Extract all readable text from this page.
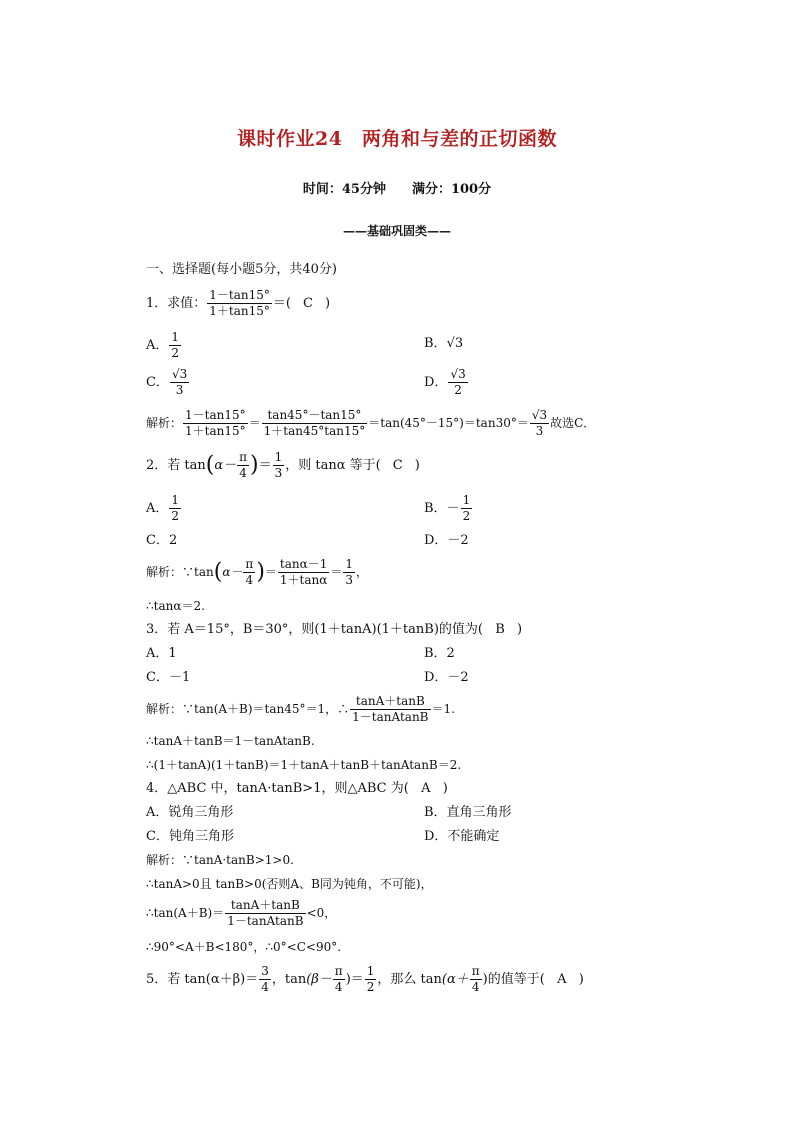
课时作业24　两角和与差的正切函数
时间：45分钟 满分：100分
——基础巩固类——
一、选择题(每小题5分，共40分)
1．求值： $\frac{1-\tan 15^\circ}{1+\tan 15^\circ}$ ＝( C )
A． $\frac{1}{2}$	B．√3
C． $\frac{√3}{3}$	D． $\frac{√3}{2}$
解析： $\frac{1-\tan 15^\circ}{1+\tan 15^\circ} = \frac{\tan 45^\circ-\tan 15^\circ}{1+\tan 45^\circ\tan 15^\circ} =\tan(45^\circ-15^\circ)=\tan 30^\circ= \frac{√3}{3}$ 故选C．
2．若 $\tan(\alpha- \frac{\pi}{4}$ )＝ $\frac{1}{3}$ ，则 tanα 等于( C )
A． $\frac{1}{2}$	B．－ $\frac{1}{2}$
C．2	D．－2
解析：∵tan(α－ $\frac{\pi}{4}$ )＝ $\frac{\tan\alpha-1}{1+\tan\alpha} = \frac{1}{3}$ ，
∴tanα＝2.
3．若 A＝15°，B＝30°，则(1＋tanA)(1＋tanB)的值为( B )
A．1	B．2
C．－1	D．－2
解析：∵tan(A＋B)＝tan45°＝1，∴ $\frac{\tan A+\tan B}{\text{1－tanAtanB}} =1$.
∴tanA＋tanB＝1－tanAtanB.
∴(1＋tanA)(1＋tanB)＝1＋tanA＋tanB＋tanAtanB＝2.
4．△ABC 中，tanA·tanB>1，则△ABC 为( A )
A．锐角三角形	B．直角三角形
C．钝角三角形	D．不能确定
解析：∵tanA·tanB>1>0.
∴tanA>0且 tanB>0(否则A、B同为钝角，不可能)，
∴tan(A＋B)＝ $\frac{\tan A+\tan B}{\text{1－tanAtanB}} <0$，
∴90°<A＋B<180°，∴0°<C<90°.
5．若 $\tan(\alpha+\beta)= \frac{3}{4}$ ，$\tan(\beta- \frac{\pi}{4}$ )＝ $\frac{1}{2}$ ，那么 $\tan(\alpha+ \frac{\pi}{4}$ )的值等于( A )
